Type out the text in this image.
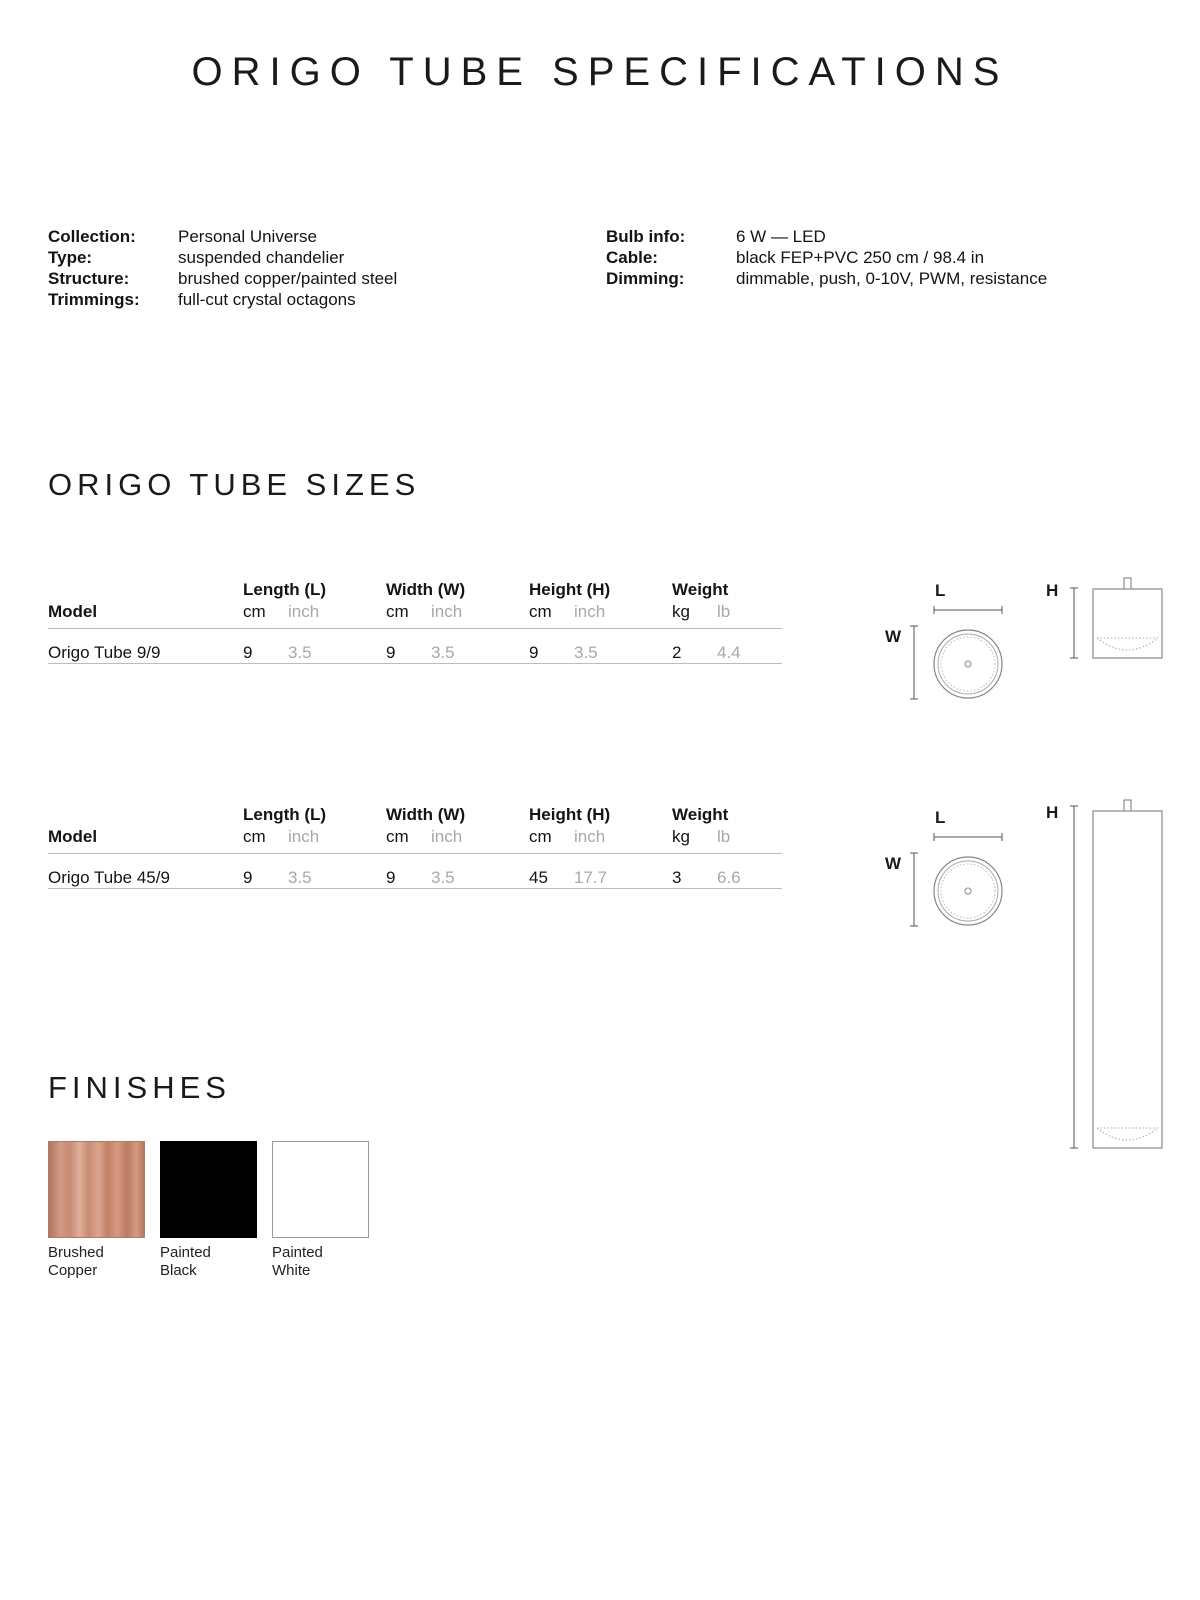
ORIGO TUBE SPECIFICATIONS
Collection:	Personal Universe
Type:	suspended chandelier
Structure:	brushed copper/painted steel
Trimmings:	full-cut crystal octagons
Bulb info:	6 W — LED
Cable:	black FEP+PVC 250 cm / 98.4 in
Dimming:	dimmable, push, 0-10V, PWM, resistance
ORIGO TUBE SIZES
	Length (L)		Width (W)		Height (H)		Weight	
Model	cm	inch	cm	inch	cm	inch	kg	lb
Origo Tube 9/9	9	3.5	9	3.5	9	3.5	2	4.4
	Length (L)		Width (W)		Height (H)		Weight	
Model	cm	inch	cm	inch	cm	inch	kg	lb
Origo Tube 45/9	9	3.5	9	3.5	45	17.7	3	6.6
L
W
H
L
W
H
FINISHES
Brushed
Copper
Painted
Black
Painted
White
